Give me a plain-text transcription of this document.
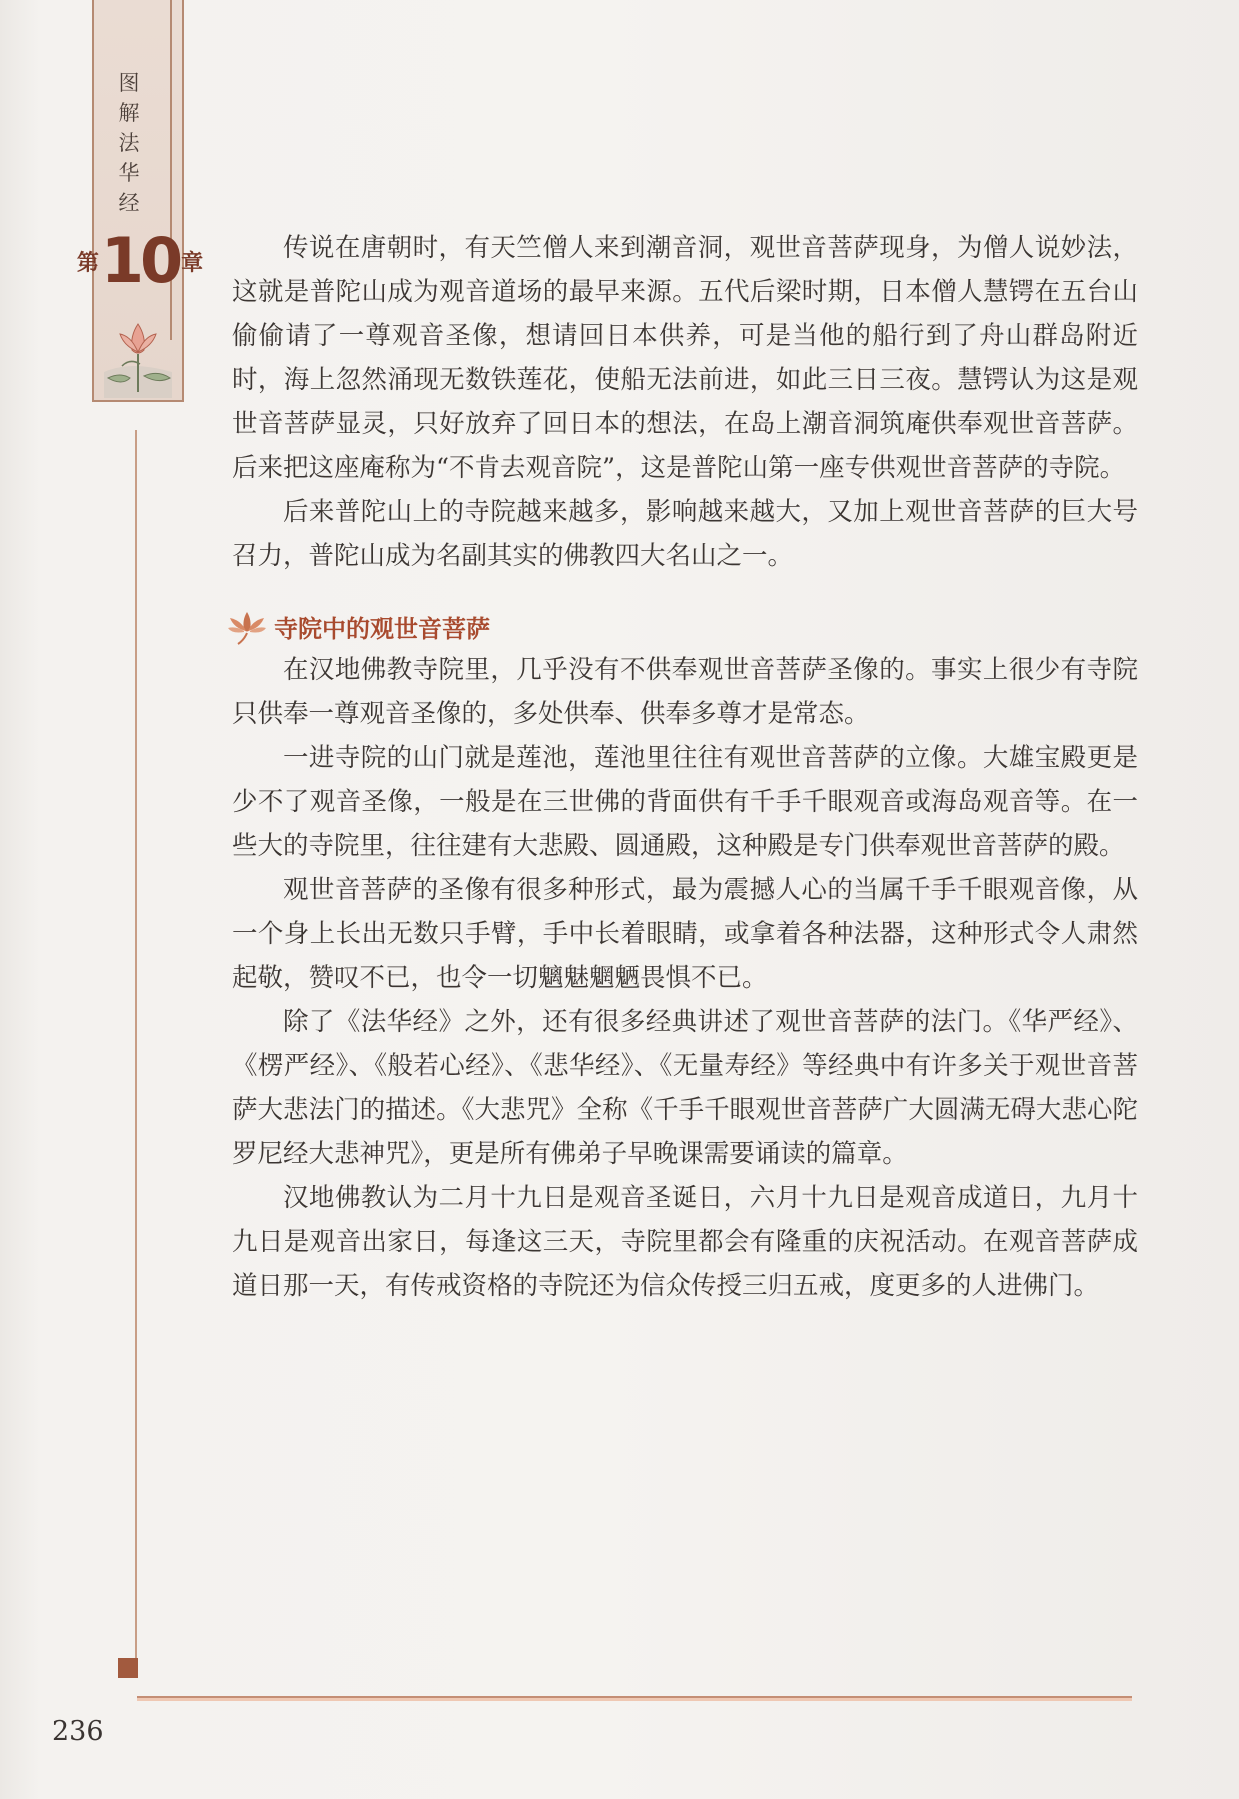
图
解
法
华
经
第 10 章	传说在唐朝时，有天竺僧人来到潮音洞，观世音菩萨现身，为僧人说妙法，这就是普陀山成为观音道场的最早来源。五代后梁时期，日本僧人慧锷在五台山偷偷请了一尊观音圣像，想请回日本供养，可是当他的船行到了舟山群岛附近时，海上忽然涌现无数铁莲花，使船无法前进，如此三日三夜。慧锷认为这是观世音菩萨显灵，只好放弃了回日本的想法，在岛上潮音洞筑庵供奉观世音菩萨。后来把这座庵称为“不肯去观音院”，这是普陀山第一座专供观世音菩萨的寺院。

后来普陀山上的寺院越来越多，影响越来越大，又加上观世音菩萨的巨大号召力，普陀山成为名副其实的佛教四大名山之一。

寺院中的观世音菩萨

在汉地佛教寺院里，几乎没有不供奉观世音菩萨圣像的。事实上很少有寺院只供奉一尊观音圣像的，多处供奉、供奉多尊才是常态。

一进寺院的山门就是莲池，莲池里往往有观世音菩萨的立像。大雄宝殿更是少不了观音圣像，一般是在三世佛的背面供有千手千眼观音或海岛观音等。在一些大的寺院里，往往建有大悲殿、圆通殿，这种殿是专门供奉观世音菩萨的殿。

观世音菩萨的圣像有很多种形式，最为震撼人心的当属千手千眼观音像，从一个身上长出无数只手臂，手中长着眼睛，或拿着各种法器，这种形式令人肃然起敬，赞叹不已，也令一切魑魅魍魉畏惧不已。

除了《法华经》之外，还有很多经典讲述了观世音菩萨的法门。《华严经》、《楞严经》、《般若心经》、《悲华经》、《无量寿经》等经典中有许多关于观世音菩萨大悲法门的描述。《大悲咒》全称《千手千眼观世音菩萨广大圆满无碍大悲心陀罗尼经大悲神咒》，更是所有佛弟子早晚课需要诵读的篇章。

汉地佛教认为二月十九日是观音圣诞日，六月十九日是观音成道日，九月十九日是观音出家日，每逢这三天，寺院里都会有隆重的庆祝活动。在观音菩萨成道日那一天，有传戒资格的寺院还为信众传授三归五戒，度更多的人进佛门。

236
